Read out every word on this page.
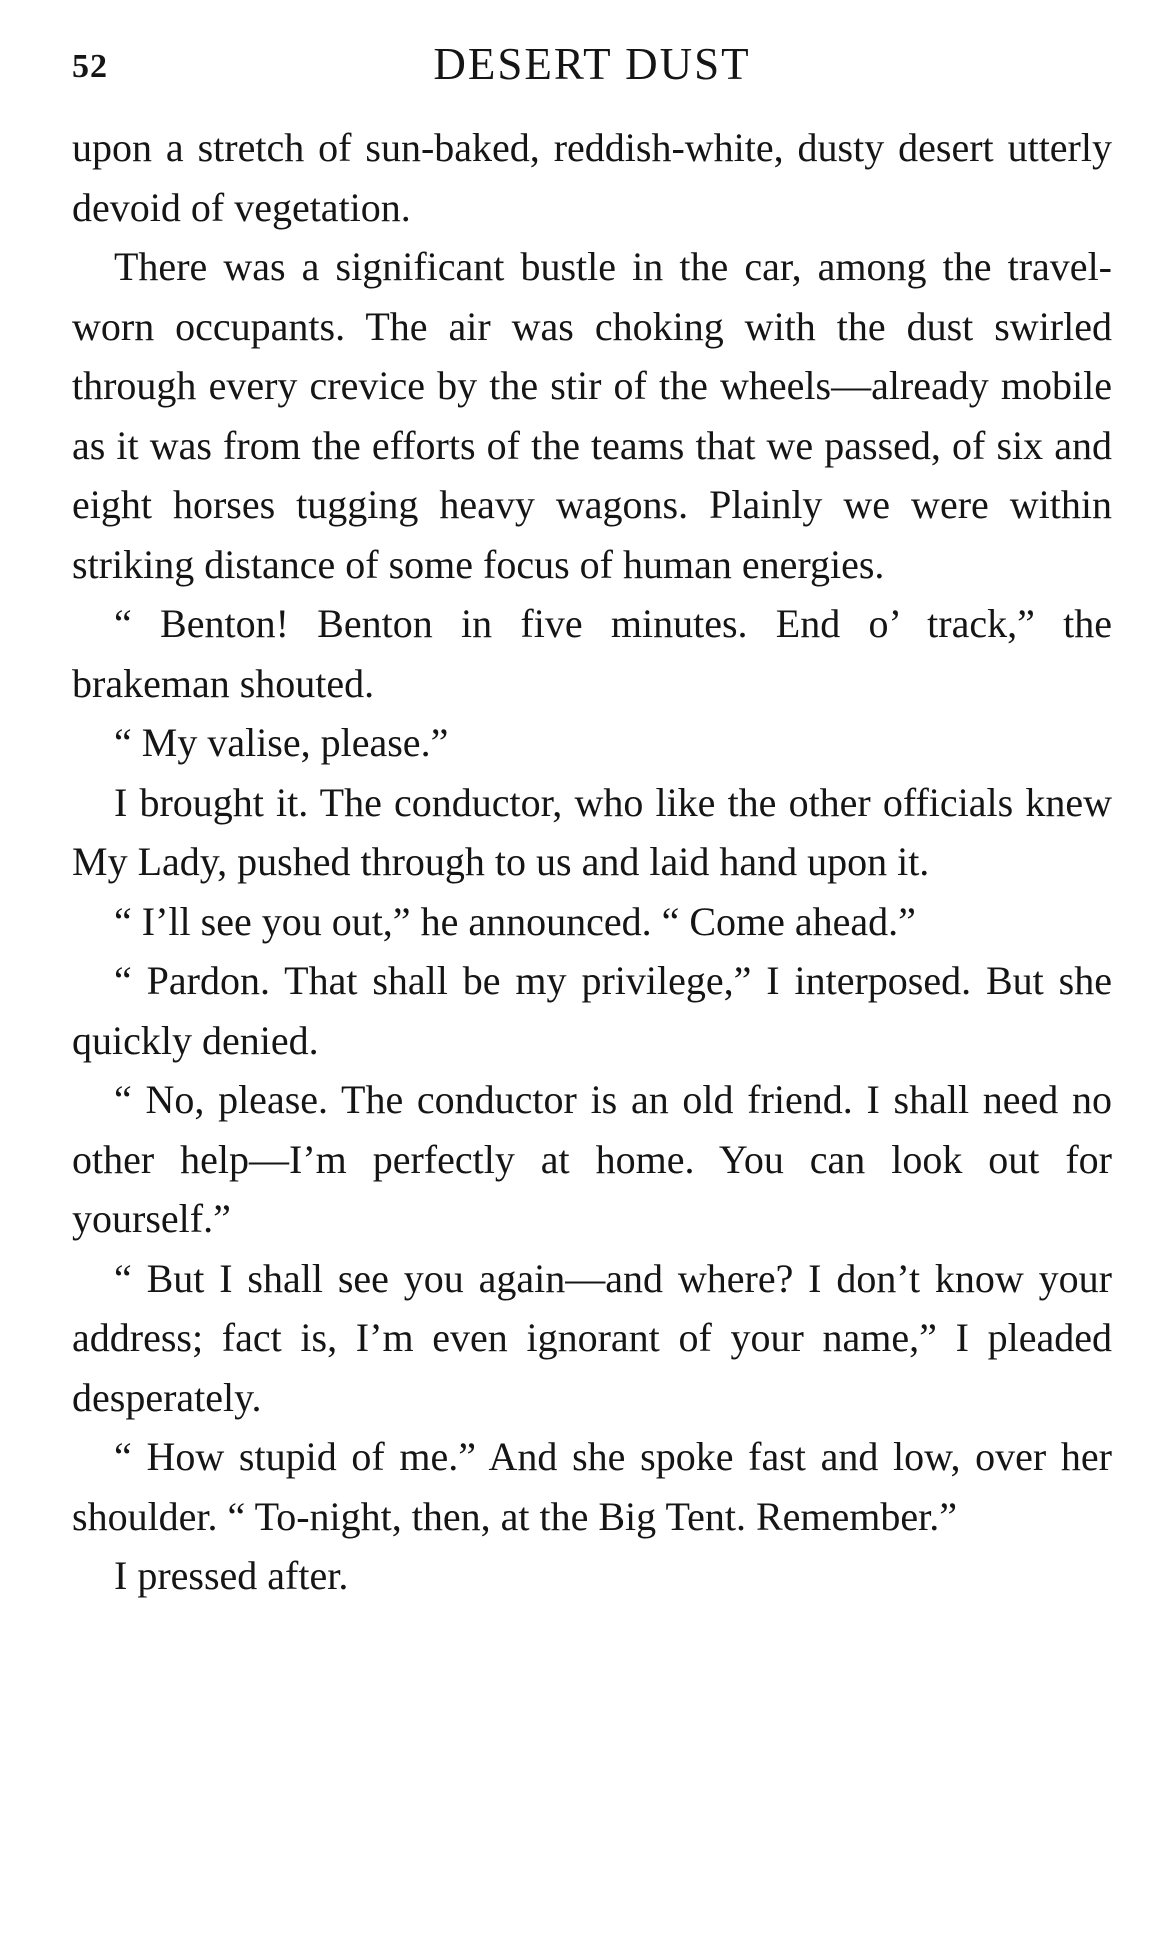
52	DESERT DUST

upon a stretch of sun-baked, reddish-white, dusty desert utterly devoid of vegetation.

There was a significant bustle in the car, among the travel-worn occupants. The air was choking with the dust swirled through every crevice by the stir of the wheels—already mobile as it was from the efforts of the teams that we passed, of six and eight horses tugging heavy wagons. Plainly we were within striking distance of some focus of human energies.

“ Benton! Benton in five minutes. End o’ track,” the brakeman shouted.

“ My valise, please.”

I brought it. The conductor, who like the other officials knew My Lady, pushed through to us and laid hand upon it.

“ I’ll see you out,” he announced. “ Come ahead.”

“ Pardon. That shall be my privilege,” I interposed. But she quickly denied.

“ No, please. The conductor is an old friend. I shall need no other help—I’m perfectly at home. You can look out for yourself.”

“ But I shall see you again—and where? I don’t know your address; fact is, I’m even ignorant of your name,” I pleaded desperately.

“ How stupid of me.” And she spoke fast and low, over her shoulder. “ To-night, then, at the Big Tent. Remember.”

I pressed after.
